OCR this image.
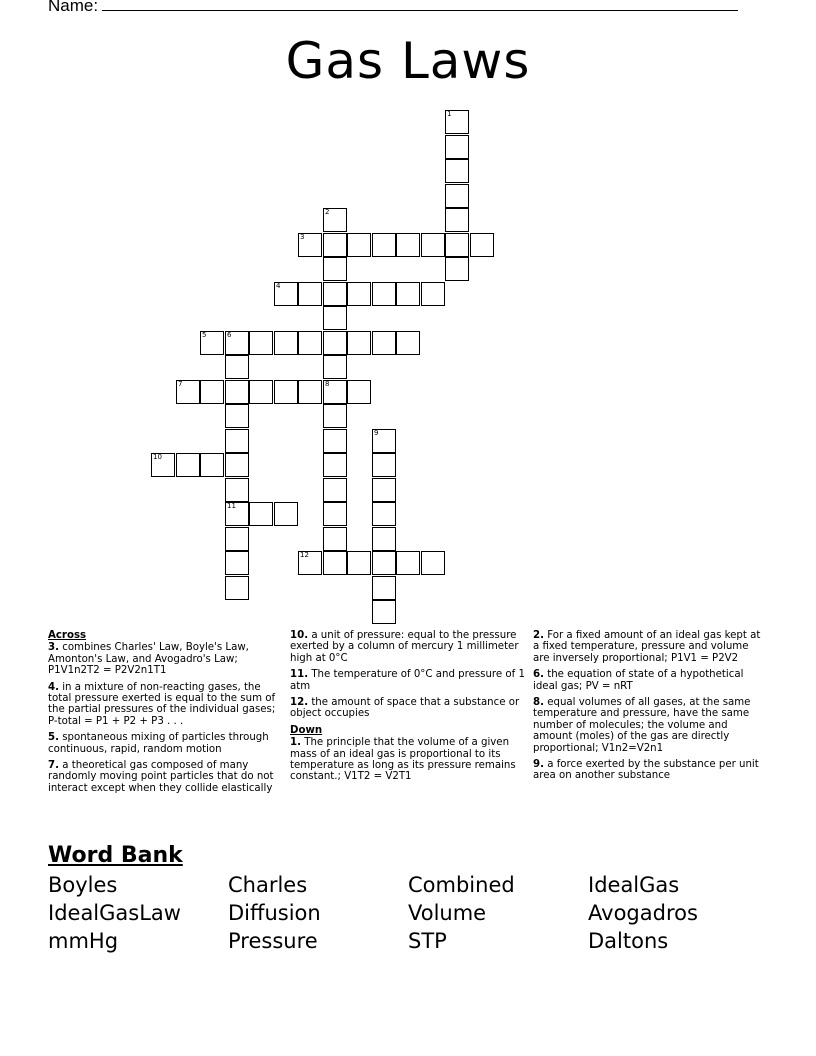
Name:
Gas Laws
1
2
8
3
4
5	6
11
7
9
10
12
Across
3. combines Charles' Law, Boyle's Law, Amonton's Law, and Avogadro's Law; P1V1n2T2 = P2V2n1T1
4. in a mixture of non-reacting gases, the total pressure exerted is equal to the sum of the partial pressures of the individual gases; P-total = P1 + P2 + P3 . . .
5. spontaneous mixing of particles through continuous, rapid, random motion
7. a theoretical gas composed of many randomly moving point particles that do not interact except when they collide elastically
10. a unit of pressure: equal to the pressure exerted by a column of mercury 1 millimeter high at 0°C
11. The temperature of 0°C and pressure of 1 atm
12. the amount of space that a substance or object occupies
Down
1. The principle that the volume of a given mass of an ideal gas is proportional to its temperature as long as its pressure remains constant.; V1T2 = V2T1
2. For a fixed amount of an ideal gas kept at a fixed temperature, pressure and volume are inversely proportional; P1V1 = P2V2
6. the equation of state of a hypothetical ideal gas; PV = nRT
8. equal volumes of all gases, at the same temperature and pressure, have the same number of molecules; the volume and amount (moles) of the gas are directly proportional; V1n2=V2n1
9. a force exerted by the substance per unit area on another substance
Word Bank
Boyles	Charles	Combined	IdealGas
IdealGasLaw	Diffusion	Volume	Avogadros
mmHg	Pressure	STP	Daltons
